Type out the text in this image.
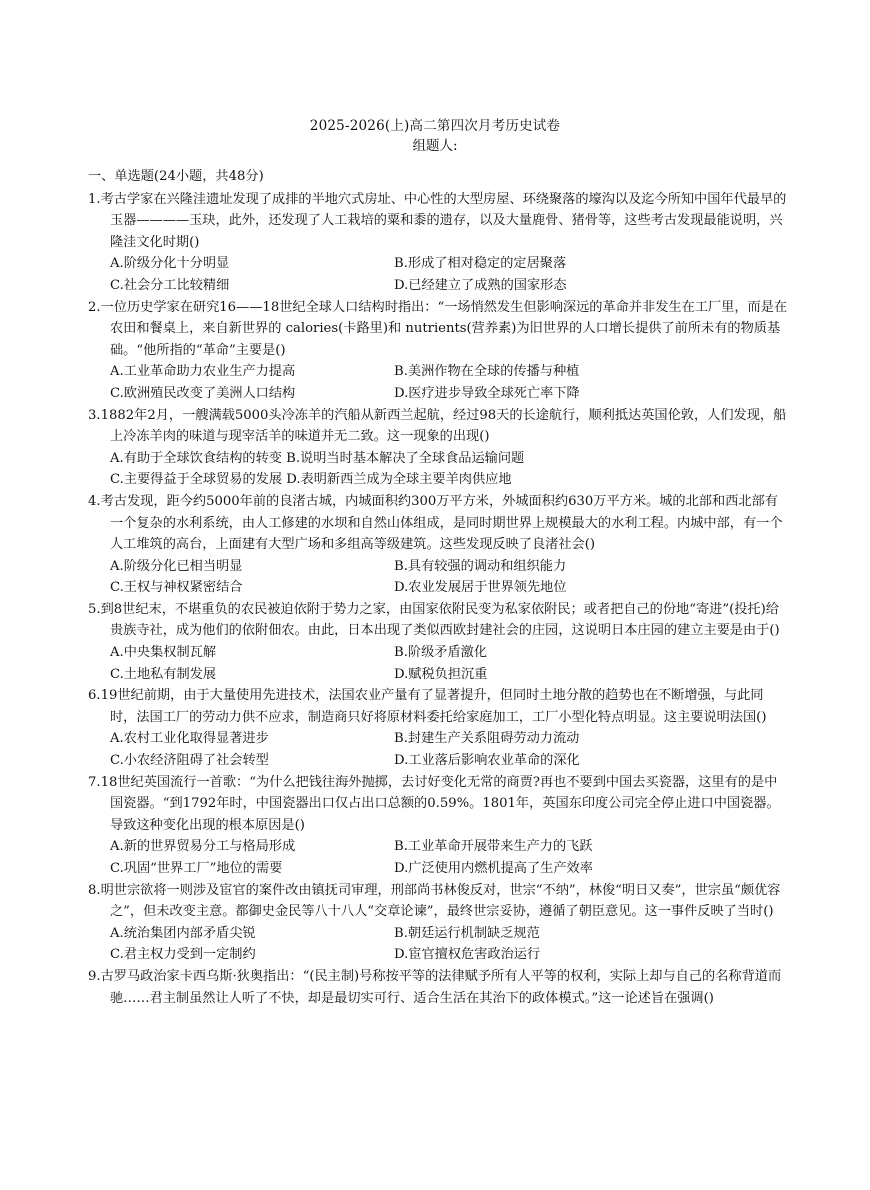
2025-2026(上)高二第四次月考历史试卷
组题人:
一、单选题(24小题，共48分)
1.考古学家在兴隆洼遗址发现了成排的半地穴式房址、中心性的大型房屋、环绕聚落的壕沟以及迄今所知中国年代最早的玉器————玉玦，此外，还发现了人工栽培的粟和黍的遗存，以及大量鹿骨、猪骨等，这些考古发现最能说明，兴隆洼文化时期()
A.阶级分化十分明显	B.形成了相对稳定的定居聚落
C.社会分工比较精细	D.已经建立了成熟的国家形态
2.一位历史学家在研究16——18世纪全球人口结构时指出：“一场悄然发生但影响深远的革命并非发生在工厂里，而是在农田和餐桌上，来自新世界的 calories(卡路里)和 nutrients(营养素)为旧世界的人口增长提供了前所未有的物质基础。“他所指的“革命”主要是()
A.工业革命助力农业生产力提高	B.美洲作物在全球的传播与种植
C.欧洲殖民改变了美洲人口结构	D.医疗进步导致全球死亡率下降
3.1882年2月，一艘满载5000头冷冻羊的汽船从新西兰起航，经过98天的长途航行，顺利抵达英国伦敦，人们发现，船上冷冻羊肉的味道与现宰活羊的味道并无二致。这一现象的出现()
A.有助于全球饮食结构的转变 B.说明当时基本解决了全球食品运输问题
C.主要得益于全球贸易的发展 D.表明新西兰成为全球主要羊肉供应地
4.考古发现，距今约5000年前的良渚古城，内城面积约300万平方米，外城面积约630万平方米。城的北部和西北部有一个复杂的水利系统，由人工修建的水坝和自然山体组成，是同时期世界上规模最大的水利工程。内城中部，有一个人工堆筑的高台，上面建有大型广场和多组高等级建筑。这些发现反映了良渚社会()
A.阶级分化已相当明显	B.具有较强的调动和组织能力
C.王权与神权紧密结合	D.农业发展居于世界领先地位
5.到8世纪末，不堪重负的农民被迫依附于势力之家，由国家依附民变为私家依附民；或者把自己的份地“寄进”(投托)给贵族寺社，成为他们的依附佃农。由此，日本出现了类似西欧封建社会的庄园，这说明日本庄园的建立主要是由于()
A.中央集权制瓦解	B.阶级矛盾激化
C.土地私有制发展	D.赋税负担沉重
6.19世纪前期，由于大量使用先进技术，法国农业产量有了显著提升，但同时土地分散的趋势也在不断增强，与此同时，法国工厂的劳动力供不应求，制造商只好将原材料委托给家庭加工，工厂小型化特点明显。这主要说明法国()
A.农村工业化取得显著进步	B.封建生产关系阻碍劳动力流动
C.小农经济阻碍了社会转型	D.工业落后影响农业革命的深化
7.18世纪英国流行一首歌：“为什么把钱往海外抛掷，去讨好变化无常的商贾?再也不要到中国去买瓷器，这里有的是中国瓷器。“到1792年时，中国瓷器出口仅占出口总额的0.59%。1801年，英国东印度公司完全停止进口中国瓷器。导致这种变化出现的根本原因是()
A.新的世界贸易分工与格局形成	B.工业革命开展带来生产力的飞跃
C.巩固“世界工厂”地位的需要	D.广泛使用内燃机提高了生产效率
8.明世宗欲将一则涉及宦官的案件改由镇抚司审理，刑部尚书林俊反对，世宗“不纳”，林俊“明日又奏”，世宗虽“颇优容之”，但未改变主意。都御史金民等八十八人“交章论谏”，最终世宗妥协，遵循了朝臣意见。这一事件反映了当时()
A.统治集团内部矛盾尖锐	B.朝廷运行机制缺乏规范
C.君主权力受到一定制约	D.宦官擅权危害政治运行
9.古罗马政治家卡西乌斯·狄奥指出：“(民主制)号称按平等的法律赋予所有人平等的权利，实际上却与自己的名称背道而驰……君主制虽然让人听了不快，却是最切实可行、适合生活在其治下的政体模式。”这一论述旨在强调()
